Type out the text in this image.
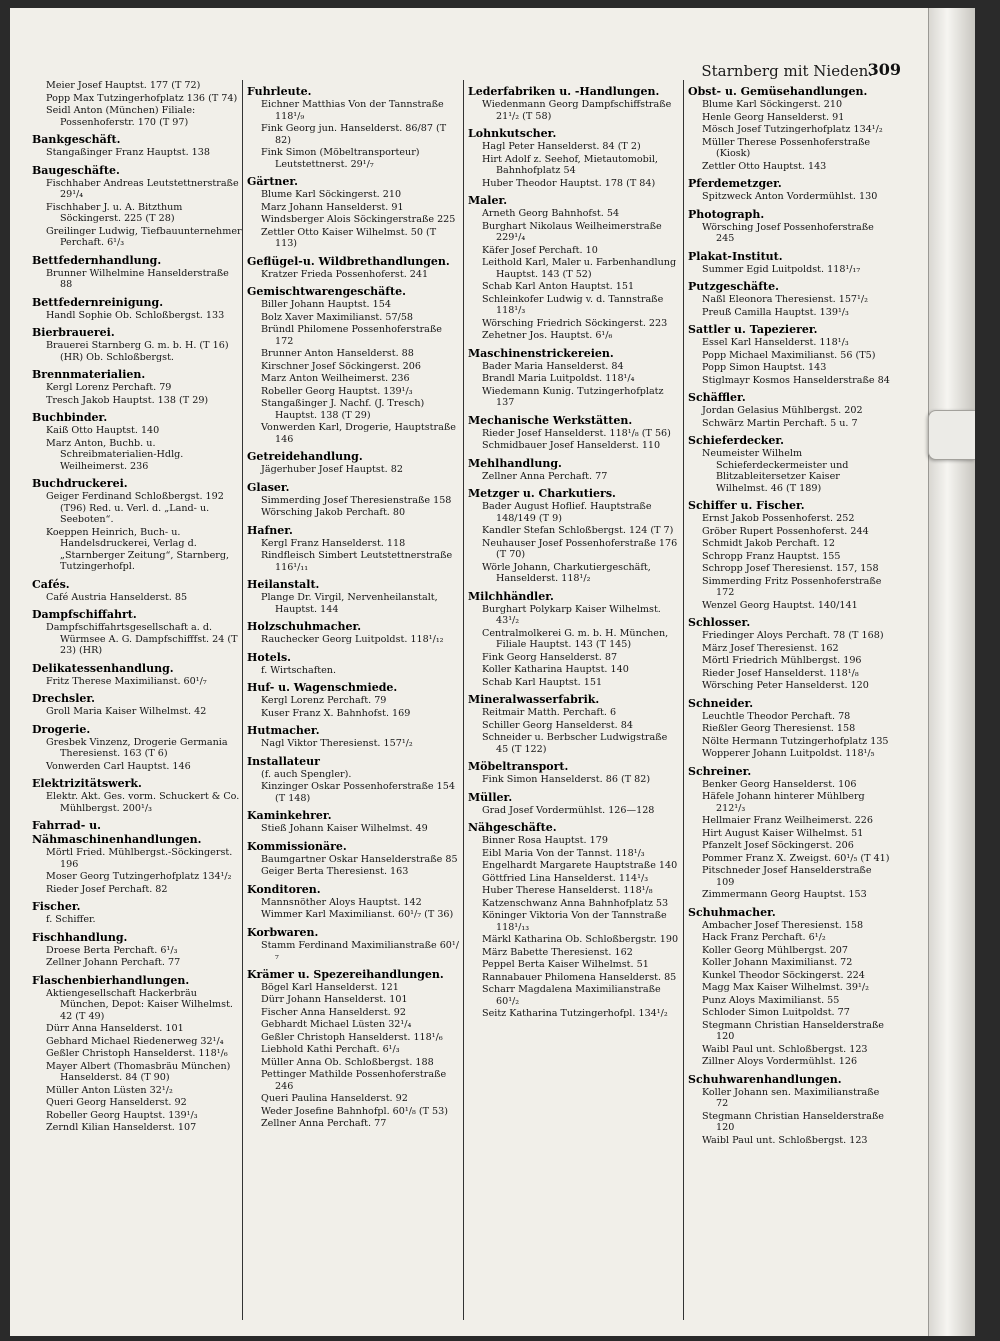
Starnberg mit Nieden.
309
Meier Josef Hauptst. 177 (T 72)
Popp Max Tutzingerhofplatz 136 (T 74)
Seidl Anton (München) Filiale: Possenhoferstr. 170 (T 97)
Bankgeschäft.
Stangaßinger Franz Hauptst. 138
Baugeschäfte.
Fischhaber Andreas Leutstettnerstraße 29¹/₄
Fischhaber J. u. A. Bitzthum Söckingerst. 225 (T 28)
Greilinger Ludwig, Tiefbauunternehmer Perchaft. 6¹/₃
Bettfedernhandlung.
Brunner Wilhelmine Hanselderstraße 88
Bettfedernreinigung.
Handl Sophie Ob. Schloßbergst. 133
Bierbrauerei.
Brauerei Starnberg G. m. b. H. (T 16) (HR) Ob. Schloßbergst.
Brennmaterialien.
Kergl Lorenz Perchaft. 79
Tresch Jakob Hauptst. 138 (T 29)
Buchbinder.
Kaiß Otto Hauptst. 140
Marz Anton, Buchb. u. Schreibmaterialien-Hdlg. Weilheimerst. 236
Buchdruckerei.
Geiger Ferdinand Schloßbergst. 192 (T96) Red. u. Verl. d. „Land- u. Seeboten“.
Koeppen Heinrich, Buch- u. Handelsdruckerei, Verlag d. „Starnberger Zeitung“, Starnberg, Tutzingerhofpl.
Cafés.
Café Austria Hanselderst. 85
Dampfschiffahrt.
Dampfschiffahrtsgesellschaft a. d. Würmsee A. G. Dampfschifffst. 24 (T 23) (HR)
Delikatessenhandlung.
Fritz Therese Maximilianst. 60¹/₇
Drechsler.
Groll Maria Kaiser Wilhelmst. 42
Drogerie.
Gresbek Vinzenz, Drogerie Germania Theresienst. 163 (T 6)
Vonwerden Carl Hauptst. 146
Elektrizitätswerk.
Elektr. Akt. Ges. vorm. Schuckert & Co. Mühlbergst. 200¹/₃
Fahrrad- u. Nähmaschinenhandlungen.
Mörtl Fried. Mühlbergst.-Söckingerst. 196
Moser Georg Tutzingerhofplatz 134¹/₂
Rieder Josef Perchaft. 82
Fischer.
f. Schiffer.
Fischhandlung.
Droese Berta Perchaft. 6¹/₃
Zellner Johann Perchaft. 77
Flaschenbierhandlungen.
Aktiengesellschaft Hackerbräu München, Depot: Kaiser Wilhelmst. 42 (T 49)
Dürr Anna Hanselderst. 101
Gebhard Michael Riedenerweg 32¹/₄
Geßler Christoph Hanselderst. 118¹/₆
Mayer Albert (Thomasbräu München) Hanselderst. 84 (T 90)
Müller Anton Lüsten 32¹/₂
Queri Georg Hanselderst. 92
Robeller Georg Hauptst. 139¹/₃
Zerndl Kilian Hanselderst. 107
Fuhrleute.
Eichner Matthias Von der Tannstraße 118¹/₉
Fink Georg jun. Hanselderst. 86/87 (T 82)
Fink Simon (Möbeltransporteur) Leutstettnerst. 29¹/₇
Gärtner.
Blume Karl Söckingerst. 210
Marz Johann Hanselderst. 91
Windsberger Alois Söckingerstraße 225
Zettler Otto Kaiser Wilhelmst. 50 (T 113)
Geflügel-u. Wildbrethandlungen.
Kratzer Frieda Possenhoferst. 241
Gemischtwarengeschäfte.
Biller Johann Hauptst. 154
Bolz Xaver Maximilianst. 57/58
Bründl Philomene Possenhoferstraße 172
Brunner Anton Hanselderst. 88
Kirschner Josef Söckingerst. 206
Marz Anton Weilheimerst. 236
Robeller Georg Hauptst. 139¹/₃
Stangaßinger J. Nachf. (J. Tresch) Hauptst. 138 (T 29)
Vonwerden Karl, Drogerie, Hauptstraße 146
Getreidehandlung.
Jägerhuber Josef Hauptst. 82
Glaser.
Simmerding Josef Theresienstraße 158
Wörsching Jakob Perchaft. 80
Hafner.
Kergl Franz Hanselderst. 118
Rindfleisch Simbert Leutstettnerstraße 116¹/₁₁
Heilanstalt.
Plange Dr. Virgil, Nervenheilanstalt, Hauptst. 144
Holzschuhmacher.
Rauchecker Georg Luitpoldst. 118¹/₁₂
Hotels.
f. Wirtschaften.
Huf- u. Wagenschmiede.
Kergl Lorenz Perchaft. 79
Kuser Franz X. Bahnhofst. 169
Hutmacher.
Nagl Viktor Theresienst. 157¹/₂
Installateur
(f. auch Spengler).
Kinzinger Oskar Possenhoferstraße 154 (T 148)
Kaminkehrer.
Stieß Johann Kaiser Wilhelmst. 49
Kommissionäre.
Baumgartner Oskar Hanselderstraße 85
Geiger Berta Theresienst. 163
Konditoren.
Mannsnöther Aloys Hauptst. 142
Wimmer Karl Maximilianst. 60¹/₇ (T 36)
Korbwaren.
Stamm Ferdinand Maximilianstraße 60¹/₇
Krämer u. Spezereihandlungen.
Bögel Karl Hanselderst. 121
Dürr Johann Hanselderst. 101
Fischer Anna Hanselderst. 92
Gebhardt Michael Lüsten 32¹/₄
Geßler Christoph Hanselderst. 118¹/₆
Liebhold Kathi Perchaft. 6¹/₃
Müller Anna Ob. Schloßbergst. 188
Pettinger Mathilde Possenhoferstraße 246
Queri Paulina Hanselderst. 92
Weder Josefine Bahnhofpl. 60¹/₈ (T 53)
Zellner Anna Perchaft. 77
Lederfabriken u. -Handlungen.
Wiedenmann Georg Dampfschiffstraße 21¹/₂ (T 58)
Lohnkutscher.
Hagl Peter Hanselderst. 84 (T 2)
Hirt Adolf z. Seehof, Mietautomobil, Bahnhofplatz 54
Huber Theodor Hauptst. 178 (T 84)
Maler.
Arneth Georg Bahnhofst. 54
Burghart Nikolaus Weilheimerstraße 229¹/₄
Käfer Josef Perchaft. 10
Leithold Karl, Maler u. Farbenhandlung Hauptst. 143 (T 52)
Schab Karl Anton Hauptst. 151
Schleinkofer Ludwig v. d. Tannstraße 118¹/₃
Wörsching Friedrich Söckingerst. 223
Zehetner Jos. Hauptst. 6¹/₆
Maschinenstrickereien.
Bader Maria Hanselderst. 84
Brandl Maria Luitpoldst. 118¹/₄
Wiedemann Kunig. Tutzingerhofplatz 137
Mechanische Werkstätten.
Rieder Josef Hanselderst. 118¹/₈ (T 56)
Schmidbauer Josef Hanselderst. 110
Mehlhandlung.
Zellner Anna Perchaft. 77
Metzger u. Charkutiers.
Bader August Hoflief. Hauptstraße 148/149 (T 9)
Kandler Stefan Schloßbergst. 124 (T 7)
Neuhauser Josef Possenhoferstraße 176 (T 70)
Wörle Johann, Charkutiergeschäft, Hanselderst. 118¹/₂
Milchhändler.
Burghart Polykarp Kaiser Wilhelmst. 43¹/₂
Centralmolkerei G. m. b. H. München, Filiale Hauptst. 143 (T 145)
Fink Georg Hanselderst. 87
Koller Katharina Hauptst. 140
Schab Karl Hauptst. 151
Mineralwasserfabrik.
Reitmair Matth. Perchaft. 6
Schiller Georg Hanselderst. 84
Schneider u. Berbscher Ludwigstraße 45 (T 122)
Möbeltransport.
Fink Simon Hanselderst. 86 (T 82)
Müller.
Grad Josef Vordermühlst. 126—128
Nähgeschäfte.
Binner Rosa Hauptst. 179
Eibl Maria Von der Tannst. 118¹/₃
Engelhardt Margarete Hauptstraße 140
Göttfried Lina Hanselderst. 114¹/₃
Huber Therese Hanselderst. 118¹/₈
Katzenschwanz Anna Bahnhofplatz 53
Köninger Viktoria Von der Tannstraße 118¹/₁₃
Märkl Katharina Ob. Schloßbergstr. 190
März Babette Theresienst. 162
Peppel Berta Kaiser Wilhelmst. 51
Rannabauer Philomena Hanselderst. 85
Scharr Magdalena Maximilianstraße 60¹/₂
Seitz Katharina Tutzingerhofpl. 134¹/₂
Obst- u. Gemüsehandlungen.
Blume Karl Söckingerst. 210
Henle Georg Hanselderst. 91
Mösch Josef Tutzingerhofplatz 134¹/₂
Müller Therese Possenhoferstraße (Kiosk)
Zettler Otto Hauptst. 143
Pferdemetzger.
Spitzweck Anton Vordermühlst. 130
Photograph.
Wörsching Josef Possenhoferstraße 245
Plakat-Institut.
Summer Egid Luitpoldst. 118¹/₁₇
Putzgeschäfte.
Naßl Eleonora Theresienst. 157¹/₂
Preuß Camilla Hauptst. 139¹/₃
Sattler u. Tapezierer.
Essel Karl Hanselderst. 118¹/₃
Popp Michael Maximilianst. 56 (T5)
Popp Simon Hauptst. 143
Stiglmayr Kosmos Hanselderstraße 84
Schäffler.
Jordan Gelasius Mühlbergst. 202
Schwärz Martin Perchaft. 5 u. 7
Schieferdecker.
Neumeister Wilhelm Schieferdeckermeister und Blitzableitersetzer Kaiser Wilhelmst. 46 (T 189)
Schiffer u. Fischer.
Ernst Jakob Possenhoferst. 252
Gröber Rupert Possenhoferst. 244
Schmidt Jakob Perchaft. 12
Schropp Franz Hauptst. 155
Schropp Josef Theresienst. 157, 158
Simmerding Fritz Possenhoferstraße 172
Wenzel Georg Hauptst. 140/141
Schlosser.
Friedinger Aloys Perchaft. 78 (T 168)
März Josef Theresienst. 162
Mörtl Friedrich Mühlbergst. 196
Rieder Josef Hanselderst. 118¹/₈
Wörsching Peter Hanselderst. 120
Schneider.
Leuchtle Theodor Perchaft. 78
Rießler Georg Theresienst. 158
Nölte Hermann Tutzingerhofplatz 135
Wopperer Johann Luitpoldst. 118¹/₅
Schreiner.
Benker Georg Hanselderst. 106
Häfele Johann hinterer Mühlberg 212¹/₃
Hellmaier Franz Weilheimerst. 226
Hirt August Kaiser Wilhelmst. 51
Pfanzelt Josef Söckingerst. 206
Pommer Franz X. Zweigst. 60¹/₅ (T 41)
Pitschneder Josef Hanselderstraße 109
Zimmermann Georg Hauptst. 153
Schuhmacher.
Ambacher Josef Theresienst. 158
Hack Franz Perchaft. 6¹/₂
Koller Georg Mühlbergst. 207
Koller Johann Maximilianst. 72
Kunkel Theodor Söckingerst. 224
Magg Max Kaiser Wilhelmst. 39¹/₂
Punz Aloys Maximilianst. 55
Schloder Simon Luitpoldst. 77
Stegmann Christian Hanselderstraße 120
Waibl Paul unt. Schloßbergst. 123
Zillner Aloys Vordermühlst. 126
Schuhwarenhandlungen.
Koller Johann sen. Maximilianstraße 72
Stegmann Christian Hanselderstraße 120
Waibl Paul unt. Schloßbergst. 123
